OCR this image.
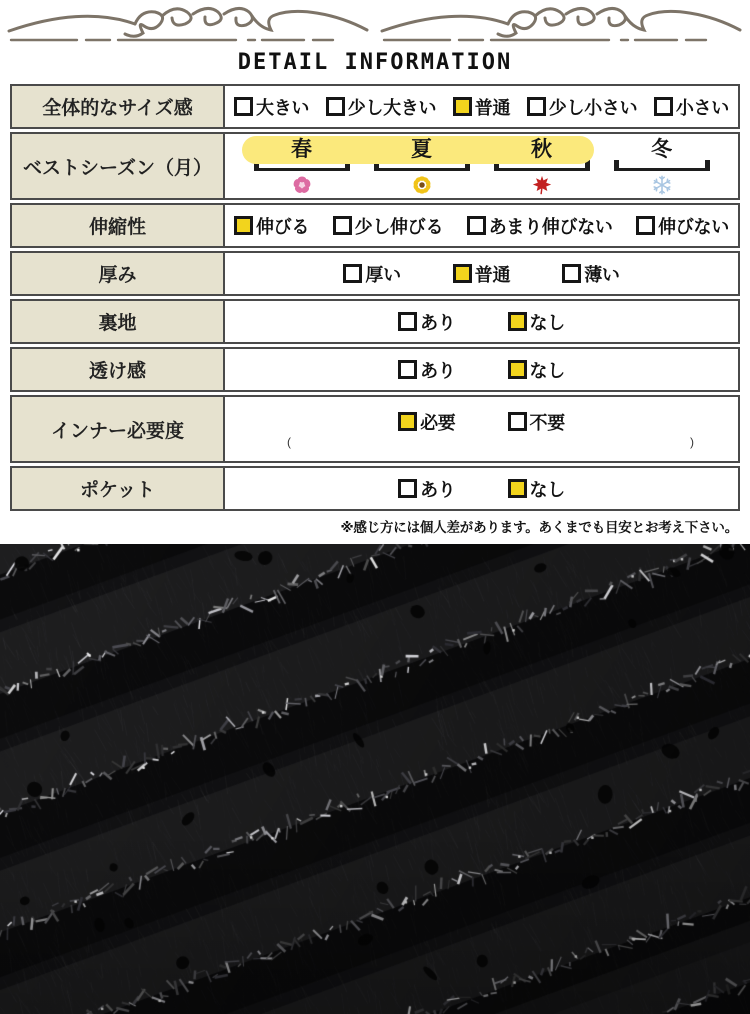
DETAIL INFORMATION
全体的なサイズ感	大きい 少し大きい 普通 少し小さい 小さい
ベストシーズン（月）
春	夏	秋	冬
伸縮性	伸びる	少し伸びる	あまり伸びない	伸びない
厚み	厚い	普通	薄い
裏地	あり	なし
透け感	あり	なし
インナー必要度	必要	不要
(	)
ポケット	あり	なし
※感じ方には個人差があります。あくまでも目安とお考え下さい。
